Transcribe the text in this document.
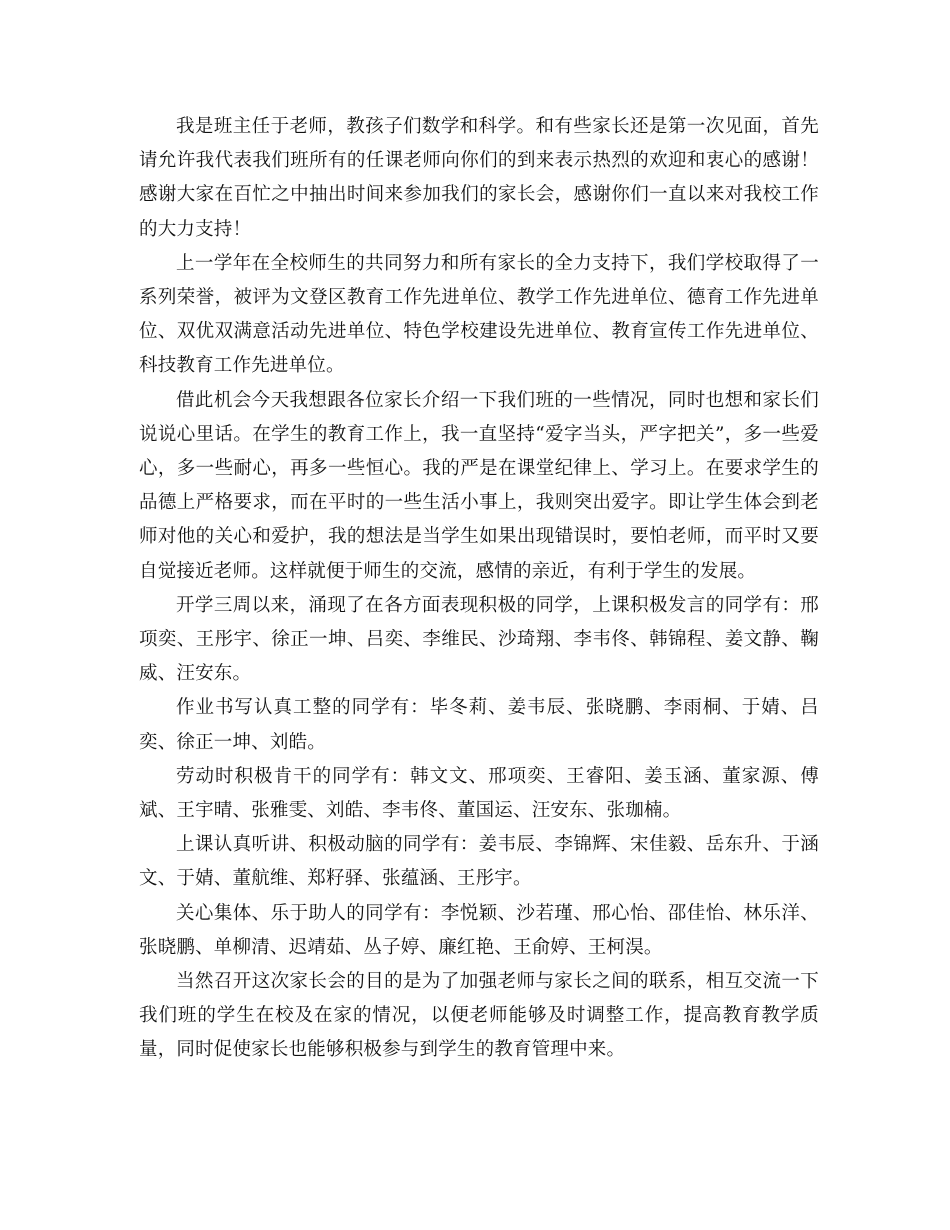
我是班主任于老师，教孩子们数学和科学。和有些家长还是第一次见面，首先请允许我代表我们班所有的任课老师向你们的到来表示热烈的欢迎和衷心的感谢！感谢大家在百忙之中抽出时间来参加我们的家长会，感谢你们一直以来对我校工作的大力支持！

上一学年在全校师生的共同努力和所有家长的全力支持下，我们学校取得了一系列荣誉，被评为文登区教育工作先进单位、教学工作先进单位、德育工作先进单位、双优双满意活动先进单位、特色学校建设先进单位、教育宣传工作先进单位、科技教育工作先进单位。

借此机会今天我想跟各位家长介绍一下我们班的一些情况，同时也想和家长们说说心里话。在学生的教育工作上，我一直坚持“爱字当头，严字把关”，多一些爱心，多一些耐心，再多一些恒心。我的严是在课堂纪律上、学习上。在要求学生的品德上严格要求，而在平时的一些生活小事上，我则突出爱字。即让学生体会到老师对他的关心和爱护，我的想法是当学生如果出现错误时，要怕老师，而平时又要自觉接近老师。这样就便于师生的交流，感情的亲近，有利于学生的发展。

开学三周以来，涌现了在各方面表现积极的同学，上课积极发言的同学有：邢项奕、王彤宇、徐正一坤、吕奕、李维民、沙琦翔、李韦佟、韩锦程、姜文静、鞠威、汪安东。

作业书写认真工整的同学有：毕冬莉、姜韦辰、张晓鹏、李雨桐、于婧、吕奕、徐正一坤、刘皓。

劳动时积极肯干的同学有：韩文文、邢项奕、王睿阳、姜玉涵、董家源、傅斌、王宇晴、张雅雯、刘皓、李韦佟、董国运、汪安东、张珈楠。

上课认真听讲、积极动脑的同学有：姜韦辰、李锦辉、宋佳毅、岳东升、于涵文、于婧、董航维、郑籽驿、张蕴涵、王彤宇。

关心集体、乐于助人的同学有：李悦颖、沙若瑾、邢心怡、邵佳怡、林乐洋、张晓鹏、单柳清、迟靖茹、丛子婷、廉红艳、王俞婷、王柯淏。

当然召开这次家长会的目的是为了加强老师与家长之间的联系，相互交流一下我们班的学生在校及在家的情况，以便老师能够及时调整工作，提高教育教学质量，同时促使家长也能够积极参与到学生的教育管理中来。
